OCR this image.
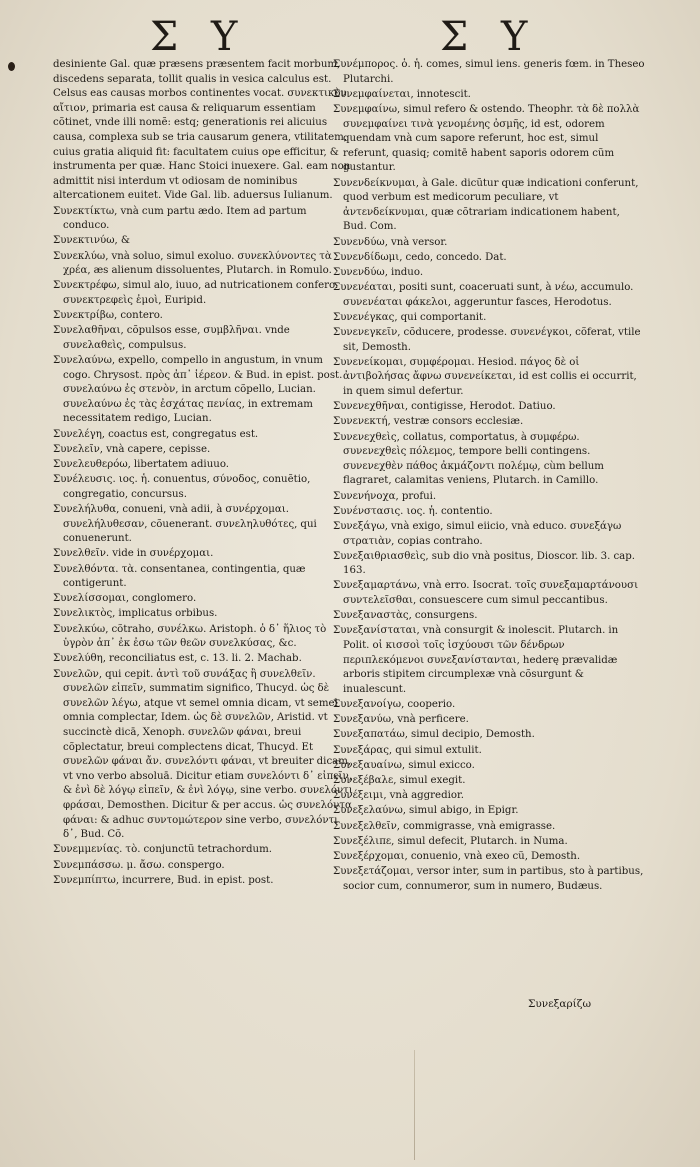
Σ Υ	Σ Υ
desiniente Gal. quæ præsens præsentem facit morbum, discedens separata, tollit qualis in vesica calculus est. Celsus eas causas morbos continentes vocat. συνεκτικὸν αἴτιον, primaria est causa & reliquarum essentiam cõtinet, vnde illi nomẽ: estq; generationis rei alicuius causa, complexa sub se tria causarum genera, vtilitatem, cuius gratia aliquid fit: facultatem cuius ope efficitur, & instrumenta per quæ. Hanc Stoici inuexere. Gal. eam non admittit nisi interdum vt odiosam de nominibus altercationem euitet. Vide Gal. lib. aduersus Iulianum.
Συνεκτίκτω, vnà cum partu ædo. Item ad partum conduco.
Συνεκτινύω, &
Συνεκλύω, vnà soluo, simul exoluo. συνεκλύνοντες τὰ χρέα, æs alienum dissoluentes, Plutarch. in Romulo.
Συνεκτρέφω, simul alo, iuuo, ad nutricationem confero. συνεκτρεφεὶς ἐμοὶ, Euripid.
Συνεκτρίβω, contero.
Συνελαθῆναι, cõpulsos esse, συμβλῆναι. vnde συνελαθεὶς, compulsus.
Συνελαύνω, expello, compello in angustum, in vnum cogo. Chrysost. πρὸς ἀπ᾽ ἱέρεον. & Bud. in epist. post. συνελαύνω ἐς στενὸν, in arctum cõpello, Lucian. συνελαύνω ἐς τὰς ἐσχάτας πενίας, in extremam necessitatem redigo, Lucian.
Συνελέγη, coactus est, congregatus est.
Συνελεῖν, vnà capere, cepisse.
Συνελευθερόω, libertatem adiuuo.
Συνέλευσις. ιος. ἡ. conuentus, σύνοδος, conuẽtio, congregatio, concursus.
Συνελήλυθα, conueni, vnà adii, à συνέρχομαι. συνελήλυθεσαν, cõuenerant. συνεληλυθότες, qui conuenerunt.
Συνελθεῖν. vide in συνέρχομαι.
Συνελθόντα. τὰ. consentanea, contingentia, quæ contigerunt.
Συνελίσσομαι, conglomero.
Συνελικτὸς, implicatus orbibus.
Συνελκύω, cõtraho, συνέλκω. Aristoph. ὁ δ᾽ ἥλιος τὸ ὑγρὸν ἀπ᾽ ἐκ ἐσω τῶν θεῶν συνελκύσας, &c.
Συνελύθη, reconciliatus est, c. 13. li. 2. Machab.
Συνελῶν, qui cepit. ἀντὶ τοῦ συνάξας ἢ συνελθεῖν. συνελῶν εἰπεῖν, summatim significo, Thucyd. ὡς δὲ συνελῶν λέγω, atque vt semel omnia dicam, vt semel omnia complectar, Idem. ὡς δὲ συνελῶν, Aristid. vt succinctè dicā, Xenoph. συνελῶν φάναι, breui cõplectatur, breui complectens dicat, Thucyd. Et συνελῶν φάναι ἄν. συνελόντι φάναι, vt breuiter dicam, vt vno verbo absoluā. Dicitur etiam συνελόντι δ᾽ εἰπεῖν, & ἐνὶ δὲ λόγῳ εἰπεῖν, & ἐνὶ λόγῳ, sine verbo. συνελόντι φράσαι, Demosthen. Dicitur & per accus. ὡς συνελόντα φάναι: & adhuc συντομώτερον sine verbo, συνελόντι δ᾽, Bud. Cõ.
Συνεμμενίας. τὸ. conjunctũ tetrachordum.
Συνεμπάσσω. μ. ἄσω. conspergo.
Συνεμπίπτω, incurrere, Bud. in epist. post.
Συνέμπορος. ὁ. ἡ. comes, simul iens. generis fœm. in Theseo Plutarchi.
Συνεμφαίνεται, innotescit.
Συνεμφαίνω, simul refero & ostendo. Theophr. τὰ δὲ πολλὰ συνεμφαίνει τινὰ γενομένης ὀσμῆς, id est, odorem quendam vnà cum sapore referunt, hoc est, simul referunt, quasiq; comitē habent saporis odorem cũm gustantur.
Συνενδείκνυμαι, à Gale. dicũtur quæ indicationi conferunt, quod verbum est medicorum peculiare, vt ἀντενδείκνυμαι, quæ cõtrariam indicationem habent, Bud. Com.
Συνενδύω, vnà versor.
Συνενδίδωμι, cedo, concedo. Dat.
Συνενδύω, induo.
Συνενέαται, positi sunt, coaceruati sunt, à νέω, accumulo. συνενέαται φάκελοι, aggeruntur fasces, Herodotus.
Συνενέγκας, qui comportanit.
Συνενεγκεῖν, cõducere, prodesse. συνενέγκοι, cõferat, vtile sit, Demosth.
Συνενείκομαι, συμφέρομαι. Hesiod. πάγος δὲ οἱ ἀντιβολήσας ἄφνω συνενείκεται, id est collis ei occurrit, in quem simul defertur.
Συνενεχθῆναι, contigisse, Herodot. Datiuo.
Συνενεκτή, vestræ consors ecclesiæ.
Συνενεχθεὶς, collatus, comportatus, à συμφέρω. συνενεχθεὶς πόλεμος, tempore belli contingens. συνενεχθὲν πάθος ἀκμάζοντι πολέμῳ, cùm bellum flagraret, calamitas veniens, Plutarch. in Camillo.
Συνενήνοχα, profui.
Συνένστασις. ιος. ἡ. contentio.
Συνεξάγω, vnà exigo, simul eiicio, vnà educo. συνεξάγω στρατιὰν, copias contraho.
Συνεξαιθριασθεὶς, sub dio vnà positus, Dioscor. lib. 3. cap. 163.
Συνεξαμαρτάνω, vnà erro. Isocrat. τοῖς συνεξαμαρτάνουσι συντελεῖσθαι, consuescere cum simul peccantibus.
Συνεξαναστὰς, consurgens.
Συνεξανίσταται, vnà consurgit & inolescit. Plutarch. in Polit. οἱ κισσοὶ τοῖς ἰσχύουσι τῶν δένδρων περιπλεκόμενοι συνεξανίστανται, hederę prævalidæ arboris stipitem circumplexæ vnà cõsurgunt & inualescunt.
Συνεξανοίγω, cooperio.
Συνεξανύω, vnà perficere.
Συνεξαπατάω, simul decipio, Demosth.
Συνεξάρας, qui simul extulit.
Συνεξαυαίνω, simul exicco.
Συνεξέβαλε, simul exegit.
Συνέξειμι, vnà aggredior.
Συνεξελαύνω, simul abigo, in Epigr.
Συνεξελθεῖν, commigrasse, vnà emigrasse.
Συνεξέλιπε, simul defecit, Plutarch. in Numa.
Συνεξέρχομαι, conuenio, vnà exeo cũ, Demosth.
Συνεξετάζομαι, versor inter, sum in partibus, sto à partibus, socior cum, connumeror, sum in numero, Budæus.
Συνεξαρίζω
